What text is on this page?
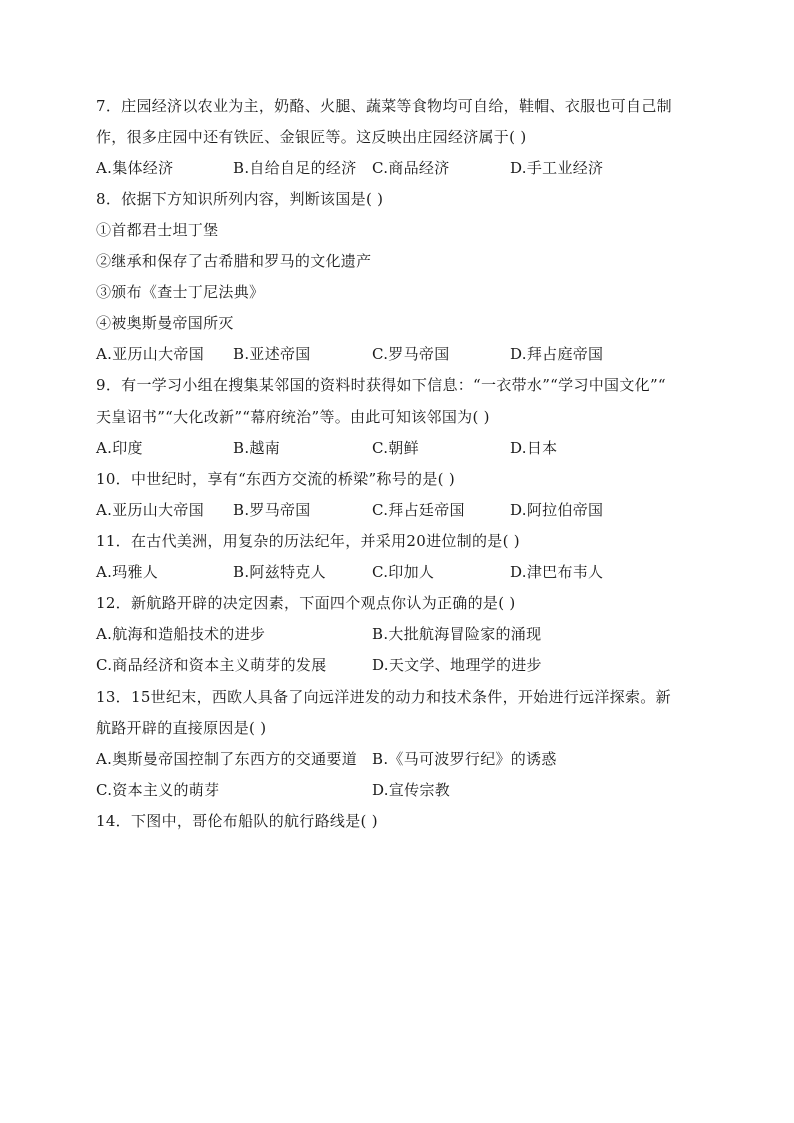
7．庄园经济以农业为主，奶酪、火腿、蔬菜等食物均可自给，鞋帽、衣服也可自己制
作，很多庄园中还有铁匠、金银匠等。这反映出庄园经济属于( )
A.集体经济	B.自给自足的经济 C.商品经济	D.手工业经济
8．依据下方知识所列内容，判断该国是( )
①首都君士坦丁堡
②继承和保存了古希腊和罗马的文化遗产
③颁布《查士丁尼法典》
④被奥斯曼帝国所灭
A.亚历山大帝国 B.亚述帝国	C.罗马帝国	D.拜占庭帝国
9．有一学习小组在搜集某邻国的资料时获得如下信息：“一衣带水”“学习中国文化”“
天皇诏书”“大化改新”“幕府统治”等。由此可知该邻国为( )
A.印度	B.越南	C.朝鲜	D.日本
10．中世纪时，享有“东西方交流的桥梁”称号的是( )
A.亚历山大帝国 B.罗马帝国	C.拜占廷帝国	D.阿拉伯帝国
11．在古代美洲，用复杂的历法纪年，并采用20进位制的是( )
A.玛雅人	B.阿兹特克人	C.印加人	D.津巴布韦人
12．新航路开辟的决定因素，下面四个观点你认为正确的是( )
A.航海和造船技术的进步	B.大批航海冒险家的涌现
C.商品经济和资本主义萌芽的发展	D.天文学、地理学的进步
13．15世纪末，西欧人具备了向远洋进发的动力和技术条件，开始进行远洋探索。新
航路开辟的直接原因是( )
A.奥斯曼帝国控制了东西方的交通要道 B.《马可波罗行纪》的诱惑
C.资本主义的萌芽	D.宣传宗教
14．下图中，哥伦布船队的航行路线是( )
